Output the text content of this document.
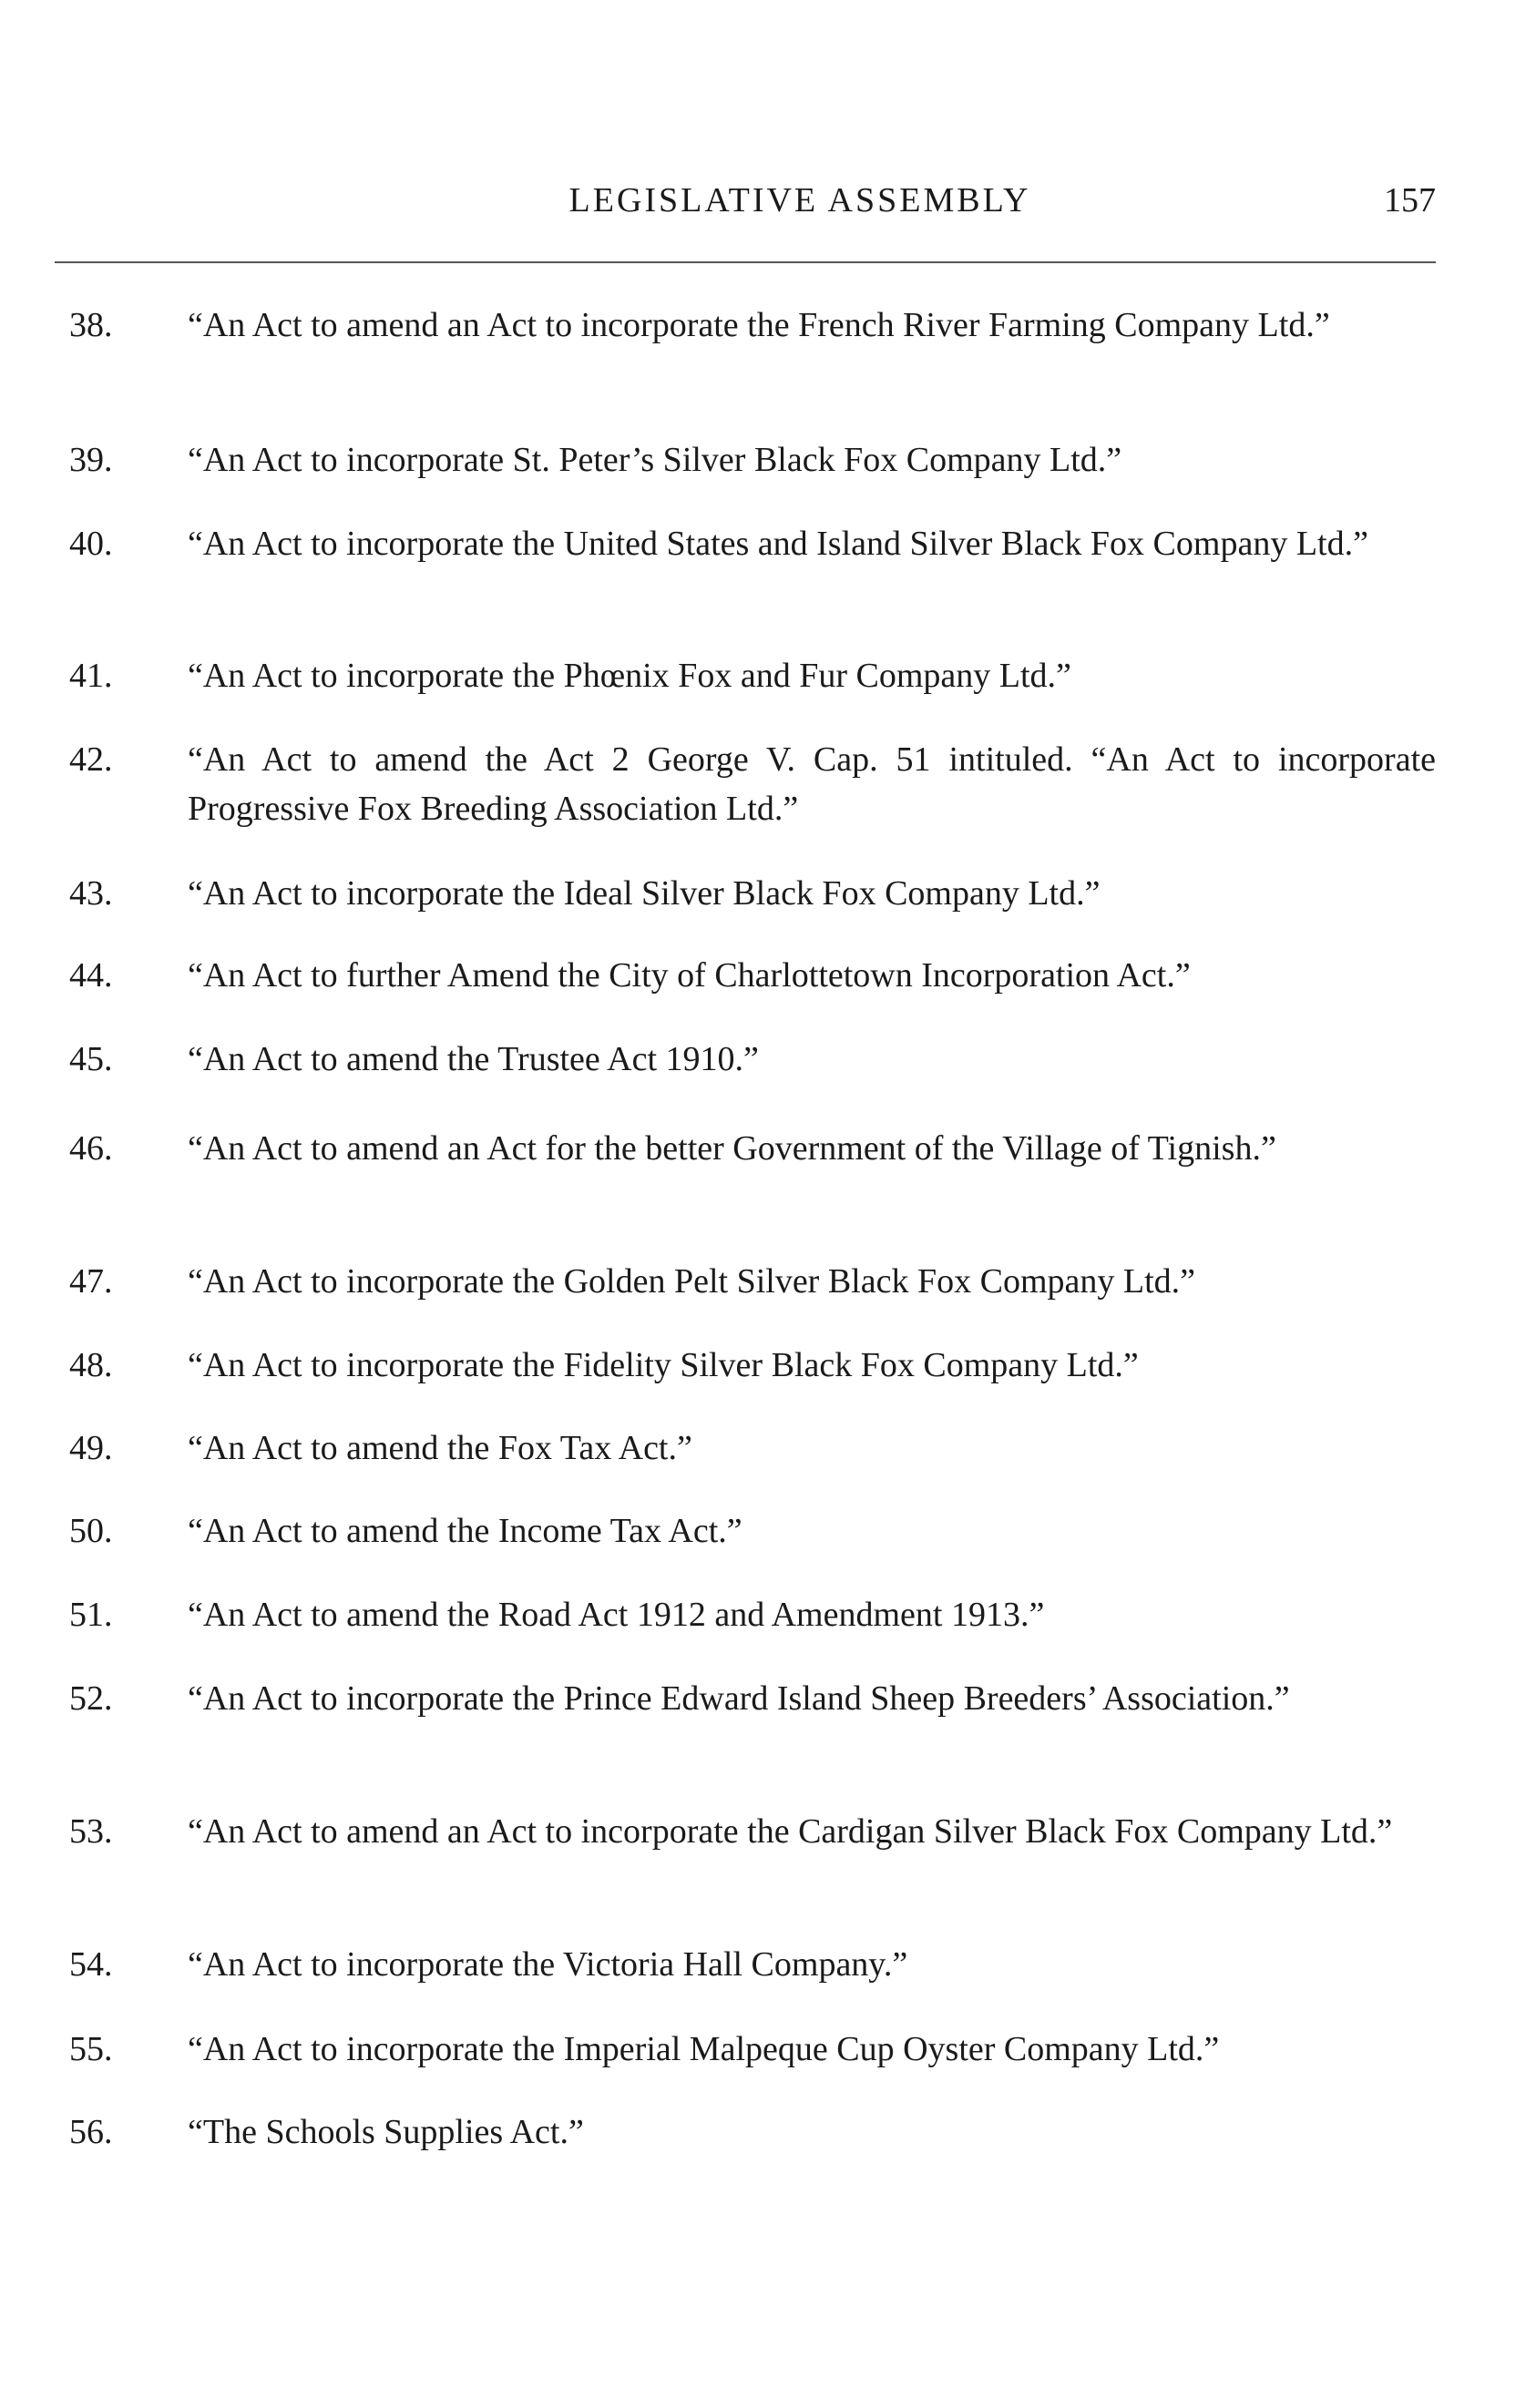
LEGISLATIVE ASSEMBLY	157
38.	“An Act to amend an Act to incorporate the French River Farming Company Ltd.”
39.	“An Act to incorporate St. Peter’s Silver Black Fox Company Ltd.”
40.	“An Act to incorporate the United States and Island Silver Black Fox Company Ltd.”
41.	“An Act to incorporate the Phœnix Fox and Fur Company Ltd.”
42.	“An Act to amend the Act 2 George V. Cap. 51 intituled. “An Act to incorporate Progressive Fox Breeding Association Ltd.”
43.	“An Act to incorporate the Ideal Silver Black Fox Company Ltd.”
44.	“An Act to further Amend the City of Charlottetown Incorporation Act.”
45.	“An Act to amend the Trustee Act 1910.”
46.	“An Act to amend an Act for the better Government of the Village of Tignish.”
47.	“An Act to incorporate the Golden Pelt Silver Black Fox Company Ltd.”
48.	“An Act to incorporate the Fidelity Silver Black Fox Company Ltd.”
49.	“An Act to amend the Fox Tax Act.”
50.	“An Act to amend the Income Tax Act.”
51.	“An Act to amend the Road Act 1912 and Amendment 1913.”
52.	“An Act to incorporate the Prince Edward Island Sheep Breeders’ Association.”
53.	“An Act to amend an Act to incorporate the Cardigan Silver Black Fox Company Ltd.”
54.	“An Act to incorporate the Victoria Hall Company.”
55.	“An Act to incorporate the Imperial Malpeque Cup Oyster Company Ltd.”
56.	“The Schools Supplies Act.”
